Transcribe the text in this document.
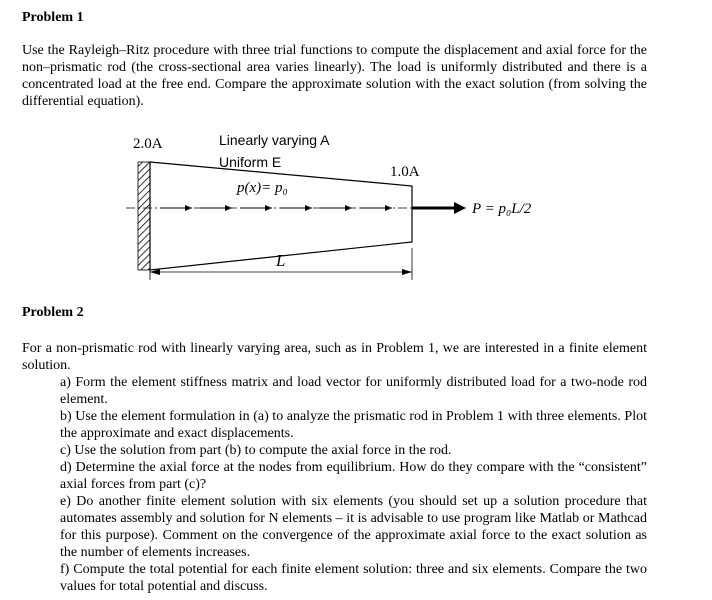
Problem 1

Use the Rayleigh–Ritz procedure with three trial functions to compute the displacement and axial force for the non–prismatic rod (the cross-sectional area varies linearly). The load is uniformly distributed and there is a concentrated load at the free end. Compare the approximate solution with the exact solution (from solving the differential equation).

2.0A	Linearly varying A
Uniform E
p(x)= p₀
1.0A
P = p₀L/2
L

Problem 2

For a non-prismatic rod with linearly varying area, such as in Problem 1, we are interested in a finite element solution.

a) Form the element stiffness matrix and load vector for uniformly distributed load for a two-node rod element.
b) Use the element formulation in (a) to analyze the prismatic rod in Problem 1 with three elements. Plot the approximate and exact displacements.
c) Use the solution from part (b) to compute the axial force in the rod.
d) Determine the axial force at the nodes from equilibrium. How do they compare with the “consistent” axial forces from part (c)?
e) Do another finite element solution with six elements (you should set up a solution procedure that automates assembly and solution for N elements – it is advisable to use program like Matlab or Mathcad for this purpose). Comment on the convergence of the approximate axial force to the exact solution as the number of elements increases.
f) Compute the total potential for each finite element solution: three and six elements. Compare the two values for total potential and discuss.
